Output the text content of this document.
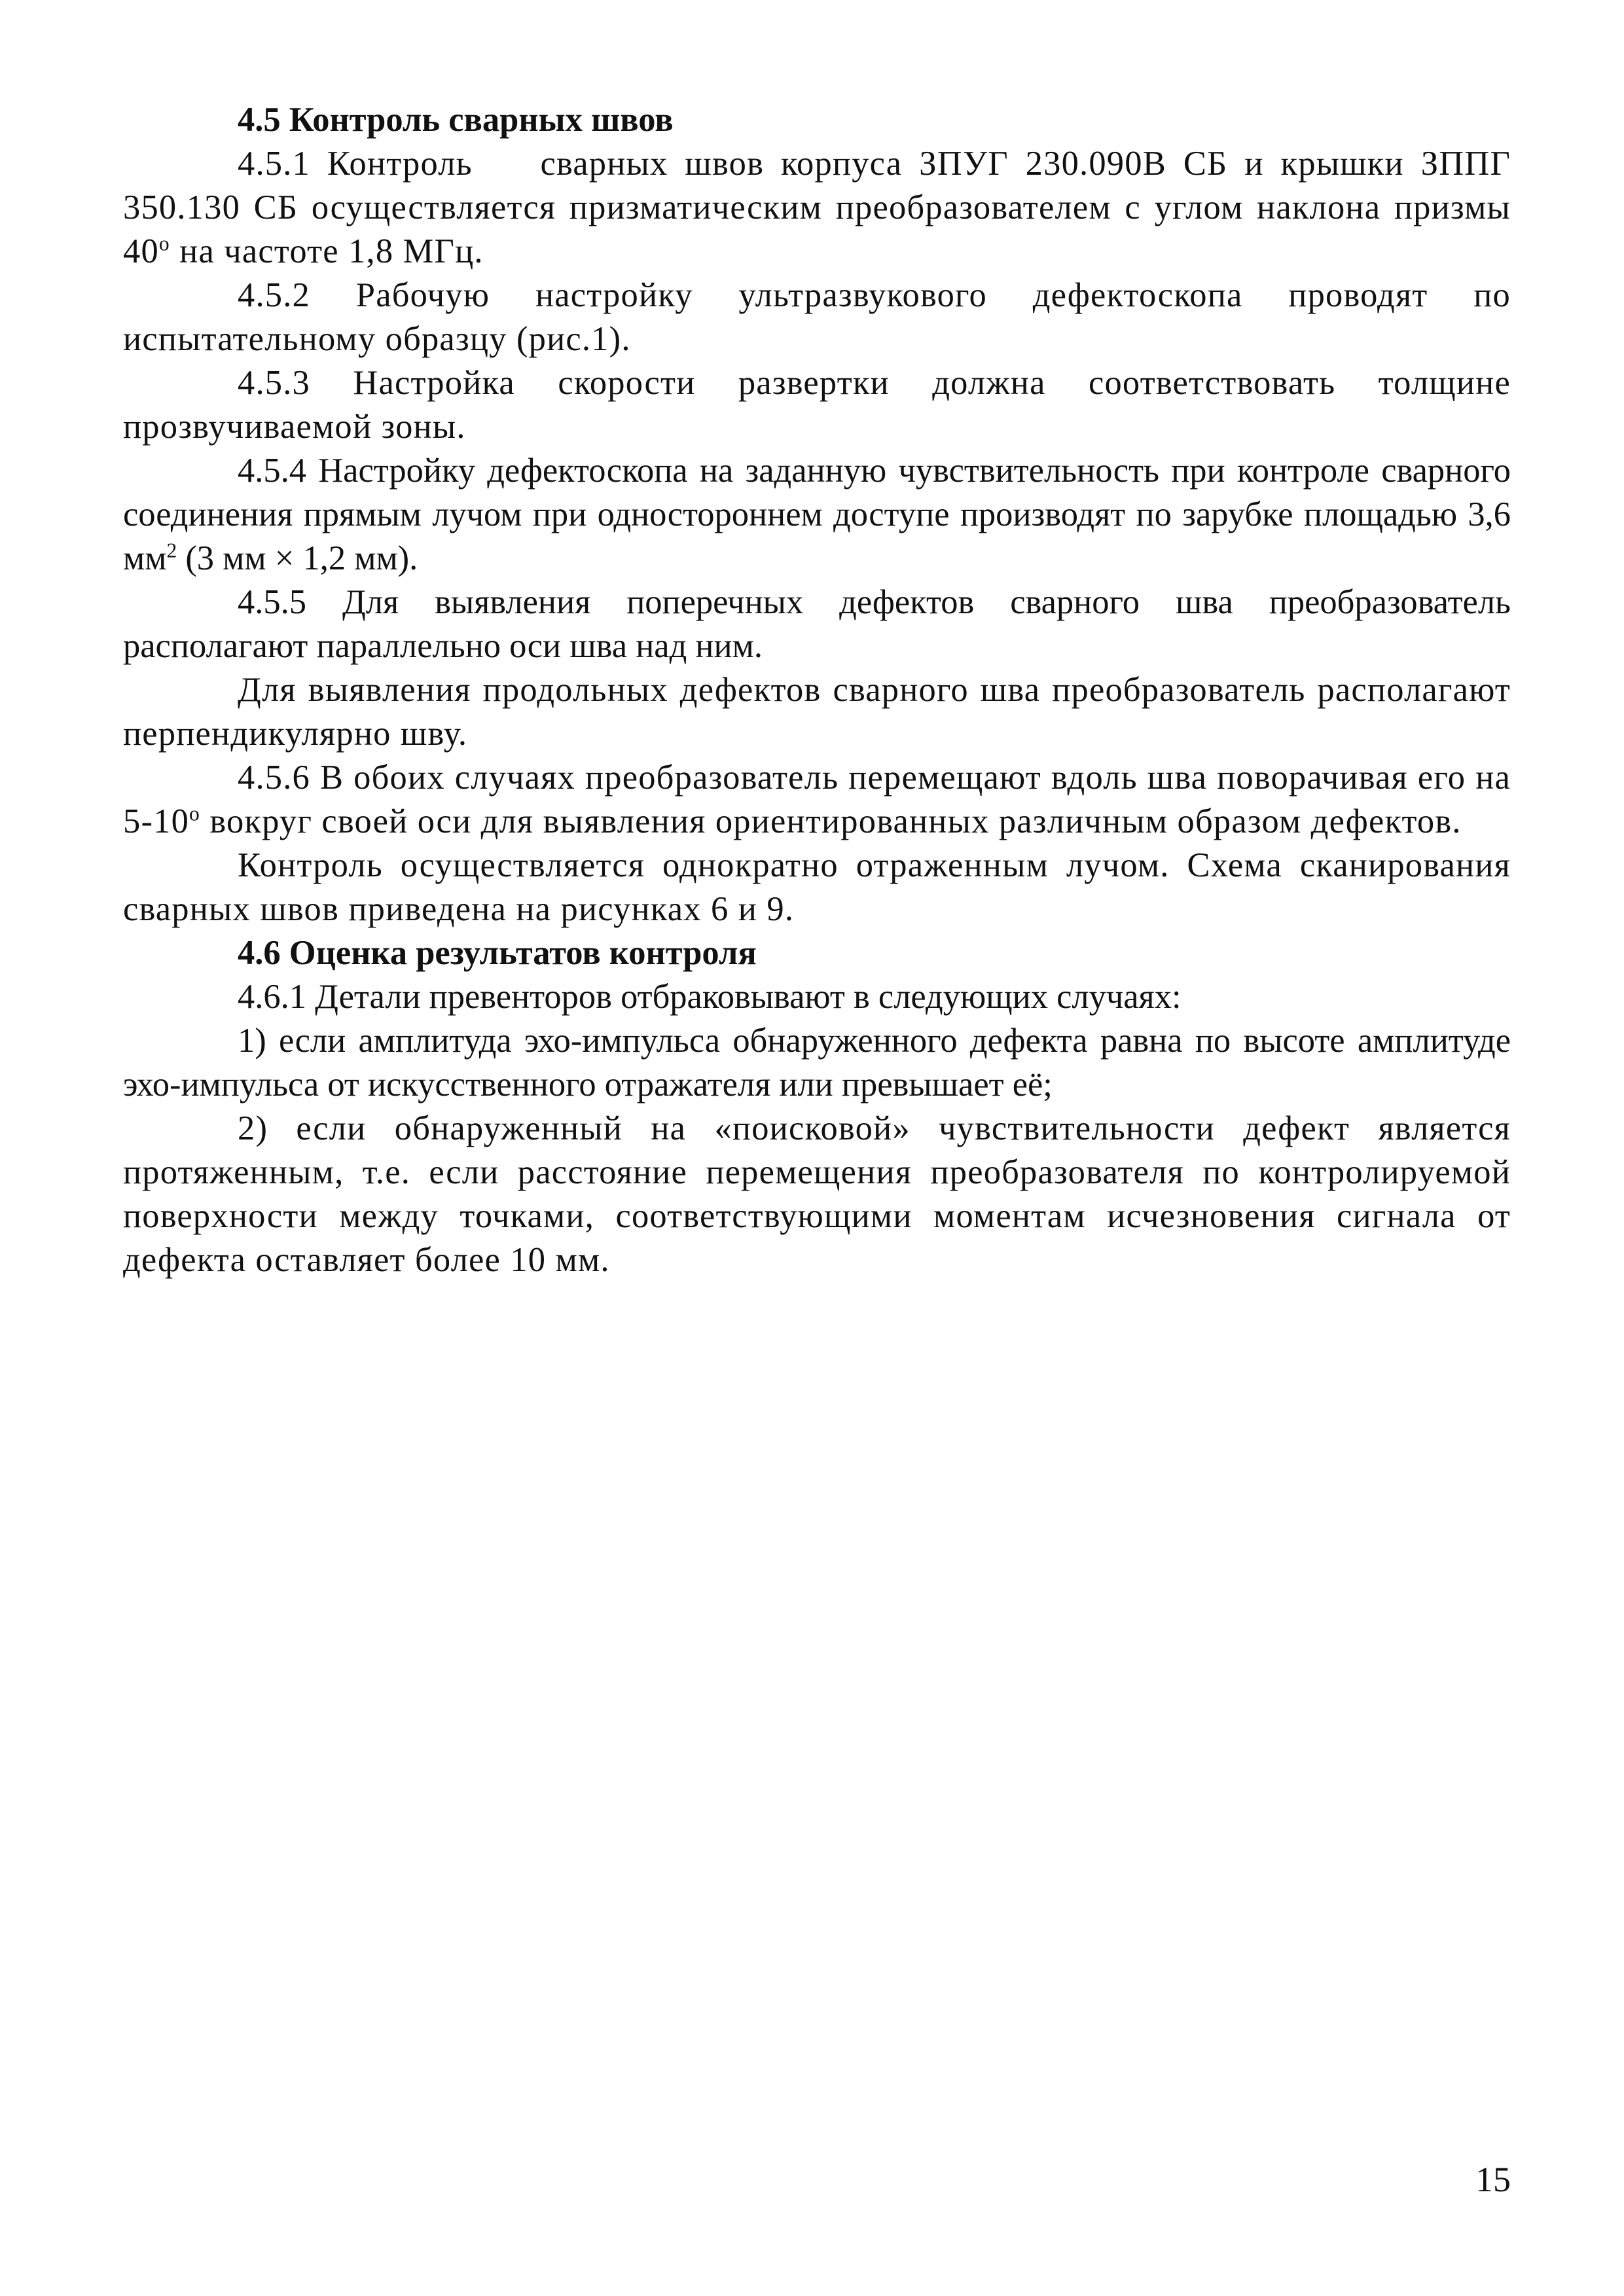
4.5 Контроль сварных швов

4.5.1 Контроль    сварных швов корпуса ЗПУГ 230.090В СБ и крышки ЗППГ 350.130 СБ осуществляется призматическим преобразователем с углом наклона призмы 40$^o$ на частоте 1,8 МГц.

4.5.2 Рабочую настройку ультразвукового дефектоскопа проводят по испытательному образцу (рис.1).

4.5.3 Настройка скорости развертки должна соответствовать толщине прозвучиваемой зоны.

4.5.4 Настройку дефектоскопа на заданную чувствительность при контроле сварного соединения прямым лучом при одностороннем доступе производят по зарубке площадью 3,6 $мм^2$ (3 мм × 1,2 мм).

4.5.5 Для выявления поперечных дефектов сварного шва преобразователь располагают параллельно оси шва над ним.

Для выявления продольных дефектов сварного шва преобразователь располагают перпендикулярно шву.

4.5.6 В обоих случаях преобразователь перемещают вдоль шва поворачивая его на 5-10$^o$ вокруг своей оси для выявления ориентированных различным образом дефектов.

Контроль осуществляется однократно отраженным лучом. Схема сканирования сварных швов приведена на рисунках 6 и 9.

4.6 Оценка результатов контроля

4.6.1 Детали превенторов отбраковывают в следующих случаях:

1) если амплитуда эхо-импульса обнаруженного дефекта равна по высоте амплитуде эхо-импульса от искусственного отражателя или превышает её;

2) если обнаруженный на «поисковой» чувствительности дефект является протяженным, т.е. если расстояние перемещения преобразователя по контролируемой поверхности между точками, соответствующими моментам исчезновения сигнала от дефекта оставляет более 10 мм.

15
